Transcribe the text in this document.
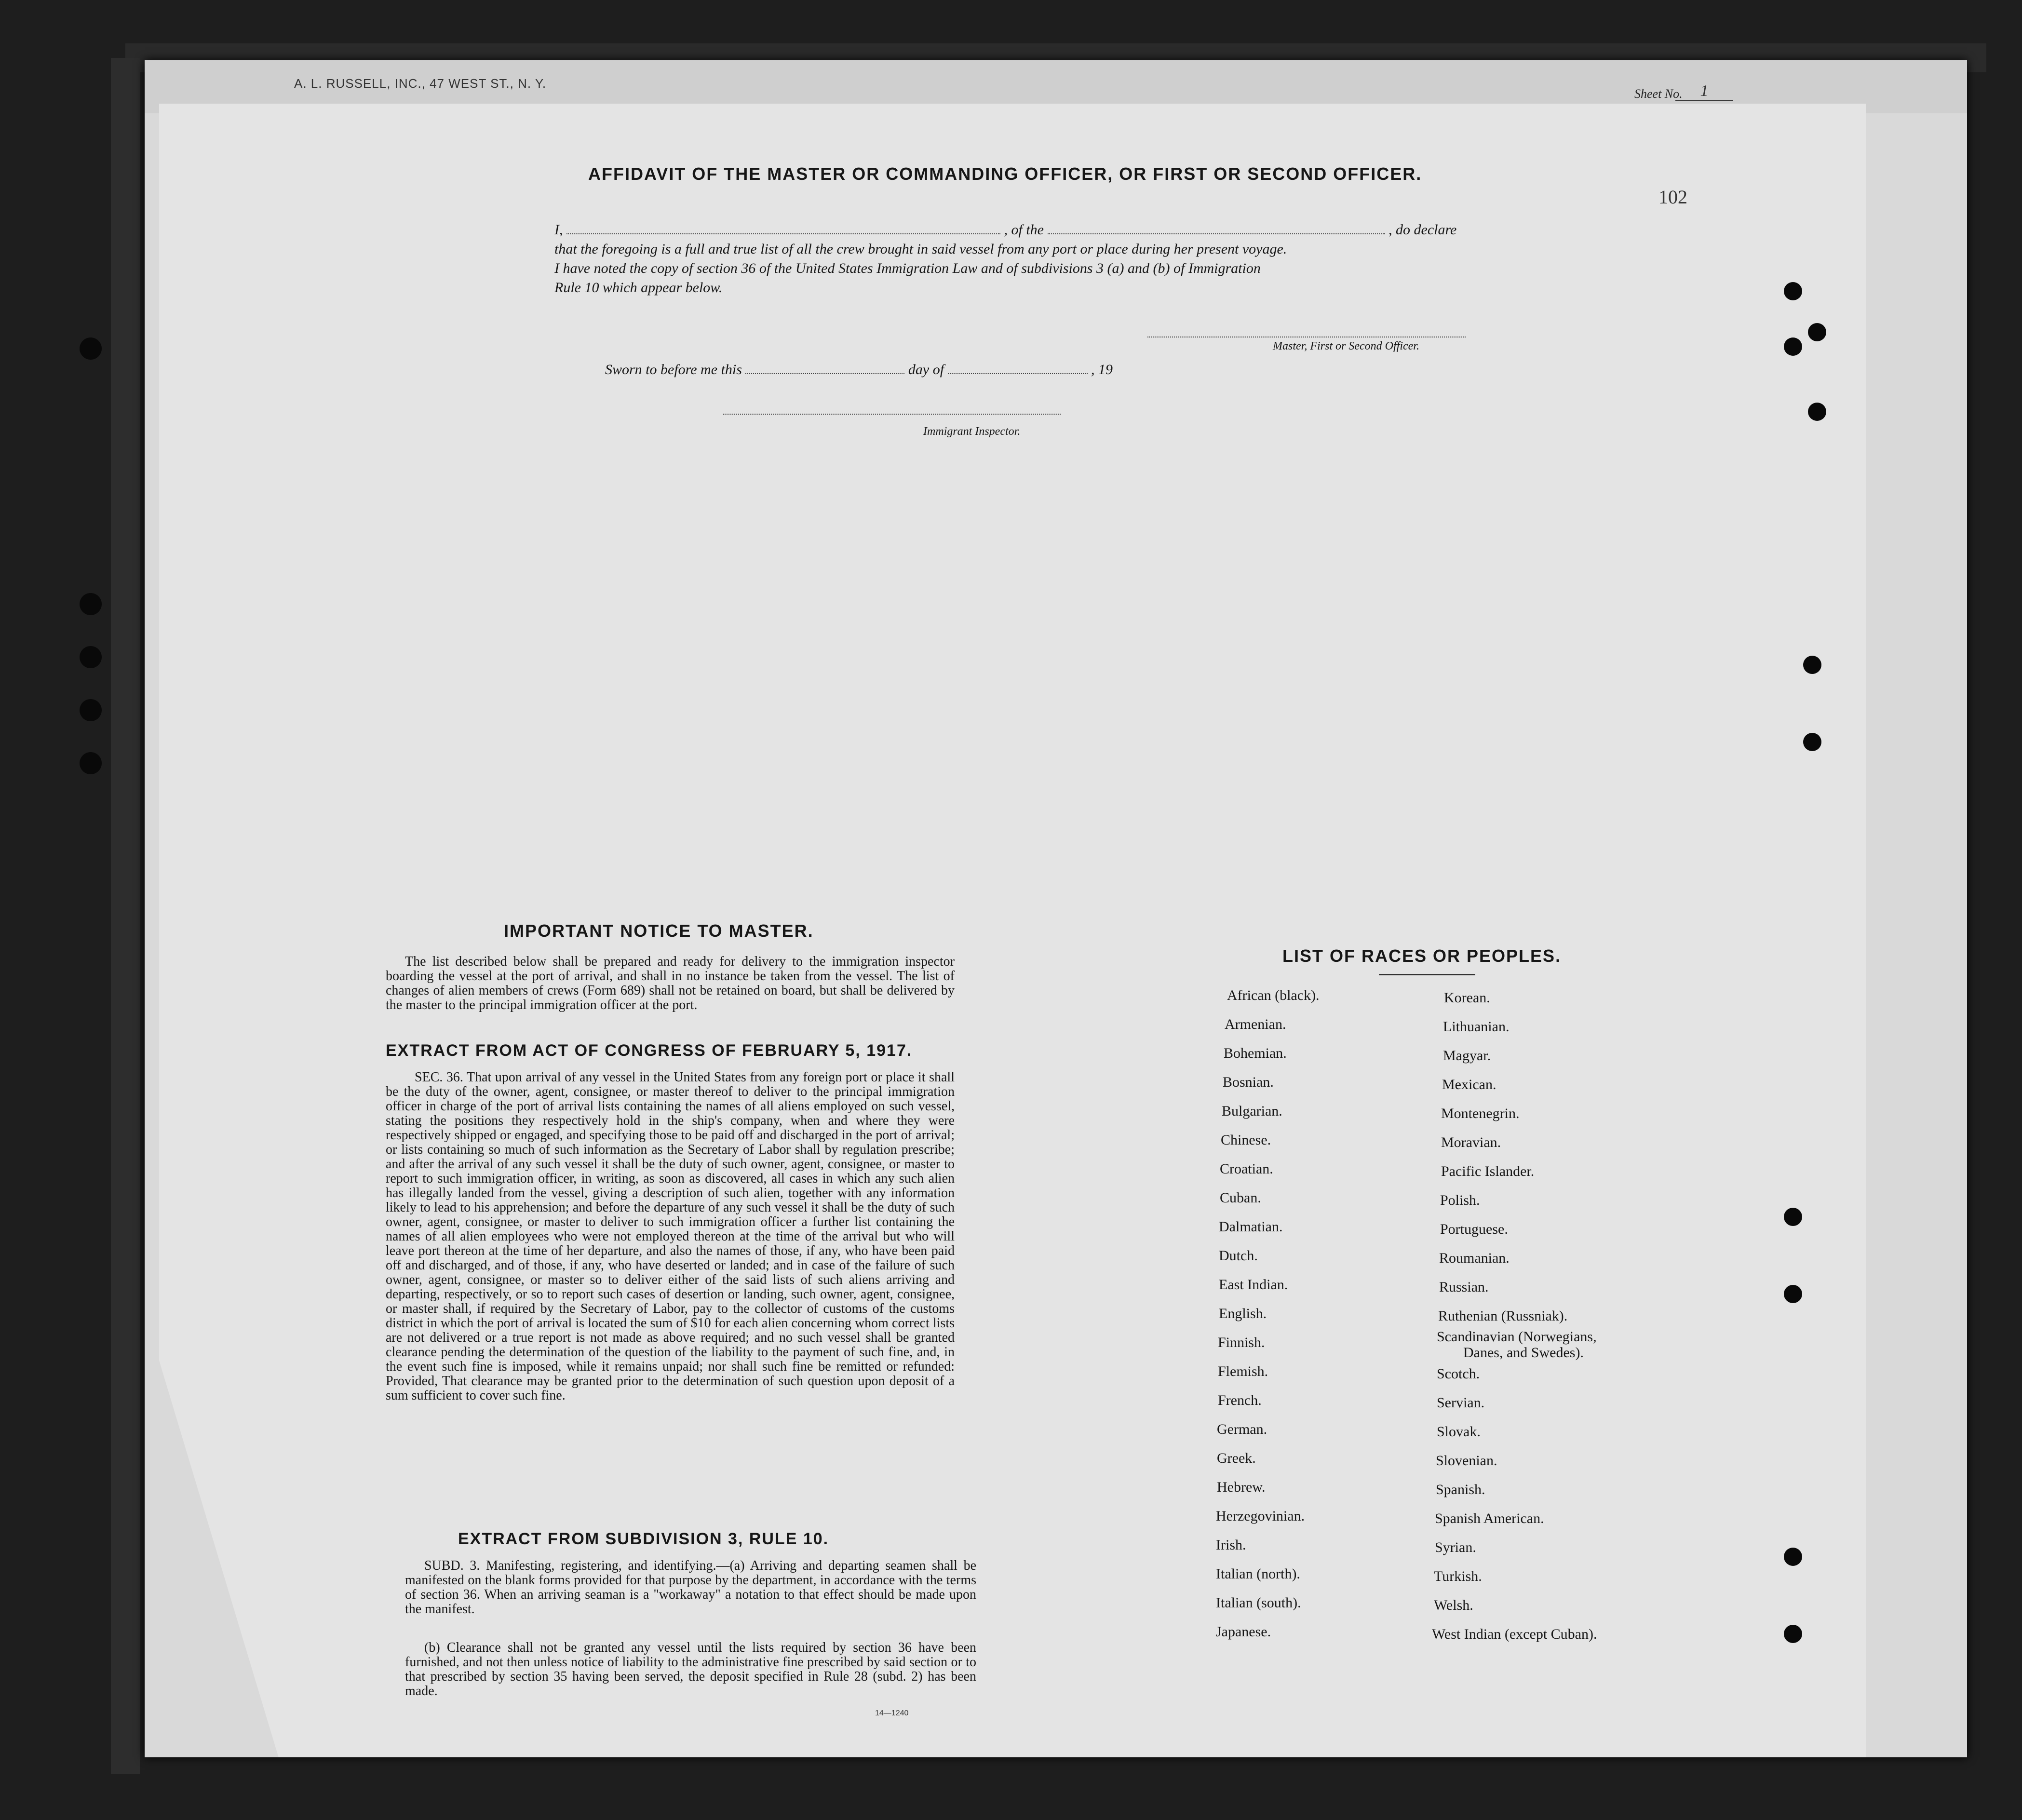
A. L. RUSSELL, INC., 47 WEST ST., N. Y.
Sheet No.	1
102
AFFIDAVIT OF THE MASTER OR COMMANDING OFFICER, OR FIRST OR SECOND OFFICER.
I,	, of the	, do declare
that the foregoing is a full and true list of all the crew brought in said vessel from any port or place during her present voyage.
I have noted the copy of section 36 of the United States Immigration Law and of subdivisions 3 (a) and (b) of Immigration
Rule 10 which appear below.
Master, First or Second Officer.
Sworn to before me this	day of	, 19
Immigrant Inspector.
IMPORTANT NOTICE TO MASTER.
The list described below shall be prepared and ready for delivery to the immigration inspector boarding the vessel at the port of arrival, and shall in no instance be taken from the vessel. The list of changes of alien members of crews (Form 689) shall not be retained on board, but shall be delivered by the master to the principal immigration officer at the port.
EXTRACT FROM ACT OF CONGRESS OF FEBRUARY 5, 1917.
SEC. 36. That upon arrival of any vessel in the United States from any foreign port or place it shall be the duty of the owner, agent, consignee, or master thereof to deliver to the principal immigration officer in charge of the port of arrival lists containing the names of all aliens employed on such vessel, stating the positions they respectively hold in the ship's company, when and where they were respectively shipped or engaged, and specifying those to be paid off and discharged in the port of arrival; or lists containing so much of such information as the Secretary of Labor shall by regulation prescribe; and after the arrival of any such vessel it shall be the duty of such owner, agent, consignee, or master to report to such immigration officer, in writing, as soon as discovered, all cases in which any such alien has illegally landed from the vessel, giving a description of such alien, together with any information likely to lead to his apprehension; and before the departure of any such vessel it shall be the duty of such owner, agent, consignee, or master to deliver to such immigration officer a further list containing the names of all alien employees who were not employed thereon at the time of the arrival but who will leave port thereon at the time of her departure, and also the names of those, if any, who have been paid off and discharged, and of those, if any, who have deserted or landed; and in case of the failure of such owner, agent, consignee, or master so to deliver either of the said lists of such aliens arriving and departing, respectively, or so to report such cases of desertion or landing, such owner, agent, consignee, or master shall, if required by the Secretary of Labor, pay to the collector of customs of the customs district in which the port of arrival is located the sum of $10 for each alien concerning whom correct lists are not delivered or a true report is not made as above required; and no such vessel shall be granted clearance pending the determination of the question of the liability to the payment of such fine, and, in the event such fine is imposed, while it remains unpaid; nor shall such fine be remitted or refunded: Provided, That clearance may be granted prior to the determination of such question upon deposit of a sum sufficient to cover such fine.
EXTRACT FROM SUBDIVISION 3, RULE 10.
SUBD. 3. Manifesting, registering, and identifying.—(a) Arriving and departing seamen shall be manifested on the blank forms provided for that purpose by the department, in accordance with the terms of section 36. When an arriving seaman is a "workaway" a notation to that effect should be made upon the manifest.
(b) Clearance shall not be granted any vessel until the lists required by section 36 have been furnished, and not then unless notice of liability to the administrative fine prescribed by said section or to that prescribed by section 35 having been served, the deposit specified in Rule 28 (subd. 2) has been made.
14—1240
LIST OF RACES OR PEOPLES.
African (black).
Armenian.
Bohemian.
Bosnian.
Bulgarian.
Chinese.
Croatian.
Cuban.
Dalmatian.
Dutch.
East Indian.
English.
Finnish.
Flemish.
French.
German.
Greek.
Hebrew.
Herzegovinian.
Irish.
Italian (north).
Italian (south).
Japanese.
Korean.
Lithuanian.
Magyar.
Mexican.
Montenegrin.
Moravian.
Pacific Islander.
Polish.
Portuguese.
Roumanian.
Russian.
Ruthenian (Russniak).
Scandinavian (Norwegians,
Danes, and Swedes).
Scotch.
Servian.
Slovak.
Slovenian.
Spanish.
Spanish American.
Syrian.
Turkish.
Welsh.
West Indian (except Cuban).
